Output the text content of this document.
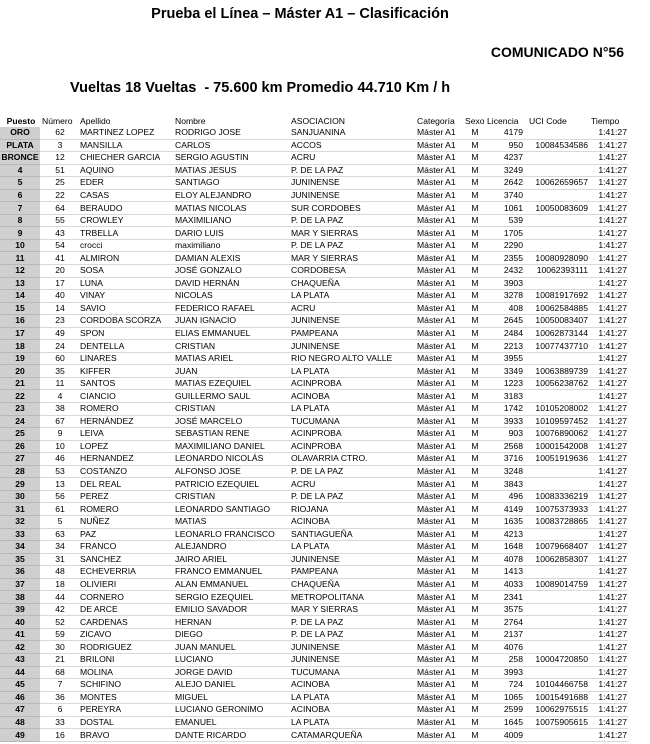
Prueba el Línea – Máster A1 – Clasificación
COMUNICADO N°56
Vueltas 18 Vueltas  - 75.600 km Promedio 44.710 Km / h
Puesto	Número	Apellido	Nombre	ASOCIACION	Categoría	Sexo	Licencia	UCI Code	Tiempo
ORO	62	MARTINEZ LOPEZ	RODRIGO JOSE	SANJUANINA	Máster A1	M	4179		1:41:27
PLATA	3	MANSILLA	CARLOS	ACCOS	Máster A1	M	950	10084534586	1:41:27
BRONCE	12	CHIECHER GARCIA	SERGIO AGUSTIN	ACRU	Máster A1	M	4237		1:41:27
4	51	AQUINO	MATIAS JESUS	P. DE LA PAZ	Máster A1	M	3249		1:41:27
5	25	EDER	SANTIAGO	JUNINENSE	Máster A1	M	2642	10062659657	1:41:27
6	22	CASAS	ELOY ALEJANDRO	JUNINENSE	Máster A1	M	3740		1:41:27
7	64	BERAUDO	MATIAS NICOLAS	SUR CORDOBES	Máster A1	M	1061	10050083609	1:41:27
8	55	CROWLEY	MAXIMILIANO	P. DE LA PAZ	Máster A1	M	539		1:41:27
9	43	TRBELLA	DARIO LUIS	MAR Y SIERRAS	Máster A1	M	1705		1:41:27
10	54	crocci	maximiliano	P. DE LA PAZ	Máster A1	M	2290		1:41:27
11	41	ALMIRON	DAMIAN ALEXIS	MAR Y SIERRAS	Máster A1	M	2355	10080928090	1:41:27
12	20	SOSA	JOSÉ GONZALO	CORDOBESA	Máster A1	M	2432	10062393111	1:41:27
13	17	LUNA	DAVID HERNÁN	CHAQUEÑA	Máster A1	M	3903		1:41:27
14	40	VINAY	NICOLAS	LA PLATA	Máster A1	M	3278	10081917692	1:41:27
15	14	SAVIO	FEDERICO RAFAEL	ACRU	Máster A1	M	408	10062584885	1:41:27
16	23	CORDOBA SCORZA	JUAN IGNACIO	JUNINENSE	Máster A1	M	2645	10050083407	1:41:27
17	49	SPON	ELIAS EMMANUEL	PAMPEANA	Máster A1	M	2484	10062873144	1:41:27
18	24	DENTELLA	CRISTIAN	JUNINENSE	Máster A1	M	2213	10077437710	1:41:27
19	60	LINARES	MATIAS ARIEL	RIO NEGRO ALTO VALLE	Máster A1	M	3955		1:41:27
20	35	KIFFER	JUAN	LA PLATA	Máster A1	M	3349	10063889739	1:41:27
21	11	SANTOS	MATIAS EZEQUIEL	ACINPROBA	Máster A1	M	1223	10056238762	1:41:27
22	4	CIANCIO	GUILLERMO SAUL	ACINOBA	Máster A1	M	3183		1:41:27
23	38	ROMERO	CRISTIAN	LA PLATA	Máster A1	M	1742	10105208002	1:41:27
24	67	HERNÁNDEZ	JOSÉ MARCELO	TUCUMANA	Máster A1	M	3933	10109597452	1:41:27
25	9	LEIVA	SEBASTIAN RENE	ACINPROBA	Máster A1	M	903	10076890062	1:41:27
26	10	LOPEZ	MAXIMILIANO DANIEL	ACINPROBA	Máster A1	M	2568	10001542008	1:41:27
27	46	HERNANDEZ	LEONARDO NICOLÁS	OLAVARRIA CTRO.	Máster A1	M	3716	10051919636	1:41:27
28	53	COSTANZO	ALFONSO JOSE	P. DE LA PAZ	Máster A1	M	3248		1:41:27
29	13	DEL REAL	PATRICIO EZEQUIEL	ACRU	Máster A1	M	3843		1:41:27
30	56	PEREZ	CRISTIAN	P. DE LA PAZ	Máster A1	M	496	10083336219	1:41:27
31	61	ROMERO	LEONARDO SANTIAGO	RIOJANA	Máster A1	M	4149	10075373933	1:41:27
32	5	NUÑEZ	MATIAS	ACINOBA	Máster A1	M	1635	10083728865	1:41:27
33	63	PAZ	LEONARLO FRANCISCO	SANTIAGUEÑA	Máster A1	M	4213		1:41:27
34	34	FRANCO	ALEJANDRO	LA PLATA	Máster A1	M	1648	10079668407	1:41:27
35	31	SANCHEZ	JAIRO ARIEL	JUNINENSE	Máster A1	M	4078	10062858307	1:41:27
36	48	ECHEVERRIA	FRANCO EMMANUEL	PAMPEANA	Máster A1	M	1413		1:41:27
37	18	OLIVIERI	ALAN EMMANUEL	CHAQUEÑA	Máster A1	M	4033	10089014759	1:41:27
38	44	CORNERO	SERGIO EZEQUIEL	METROPOLITANA	Máster A1	M	2341		1:41:27
39	42	DE ARCE	EMILIO SAVADOR	MAR Y SIERRAS	Máster A1	M	3575		1:41:27
40	52	CARDENAS	HERNAN	P. DE LA PAZ	Máster A1	M	2764		1:41:27
41	59	ZICAVO	DIEGO	P. DE LA PAZ	Máster A1	M	2137		1:41:27
42	30	RODRIGUEZ	JUAN MANUEL	JUNINENSE	Máster A1	M	4076		1:41:27
43	21	BRILONI	LUCIANO	JUNINENSE	Máster A1	M	258	10004720850	1:41:27
44	68	MOLINA	JORGE DAVID	TUCUMANA	Máster A1	M	3993		1:41:27
45	7	SCHIFINO	ALEJO DANIEL	ACINOBA	Máster A1	M	724	10104466758	1:41:27
46	36	MONTES	MIGUEL	LA PLATA	Máster A1	M	1065	10015491688	1:41:27
47	6	PEREYRA	LUCIANO GERONIMO	ACINOBA	Máster A1	M	2599	10062975515	1:41:27
48	33	DOSTAL	EMANUEL	LA PLATA	Máster A1	M	1645	10075905615	1:41:27
49	16	BRAVO	DANTE RICARDO	CATAMARQUEÑA	Máster A1	M	4009		1:41:27
